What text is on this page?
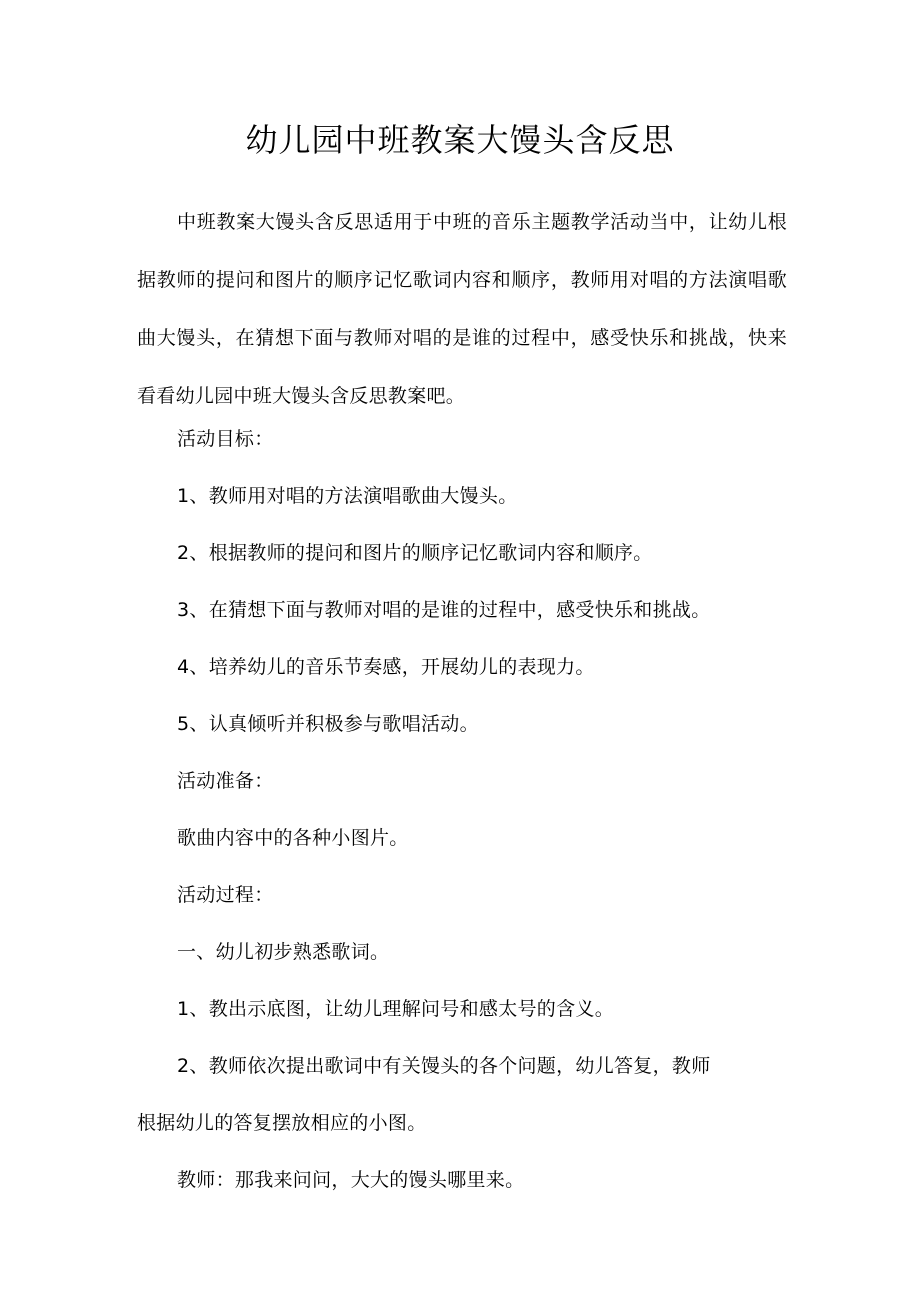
幼儿园中班教案大馒头含反思
中班教案大馒头含反思适用于中班的音乐主题教学活动当中，让幼儿根据教师的提问和图片的顺序记忆歌词内容和顺序，教师用对唱的方法演唱歌曲大馒头，在猜想下面与教师对唱的是谁的过程中，感受快乐和挑战，快来看看幼儿园中班大馒头含反思教案吧。
活动目标：
1、教师用对唱的方法演唱歌曲大馒头。
2、根据教师的提问和图片的顺序记忆歌词内容和顺序。
3、在猜想下面与教师对唱的是谁的过程中，感受快乐和挑战。
4、培养幼儿的音乐节奏感，开展幼儿的表现力。
5、认真倾听并积极参与歌唱活动。
活动准备：
歌曲内容中的各种小图片。
活动过程：
一、幼儿初步熟悉歌词。
1、教出示底图，让幼儿理解问号和感太号的含义。
2、教师依次提出歌词中有关馒头的各个问题，幼儿答复，教师
根据幼儿的答复摆放相应的小图。
教师：那我来问问，大大的馒头哪里来。
